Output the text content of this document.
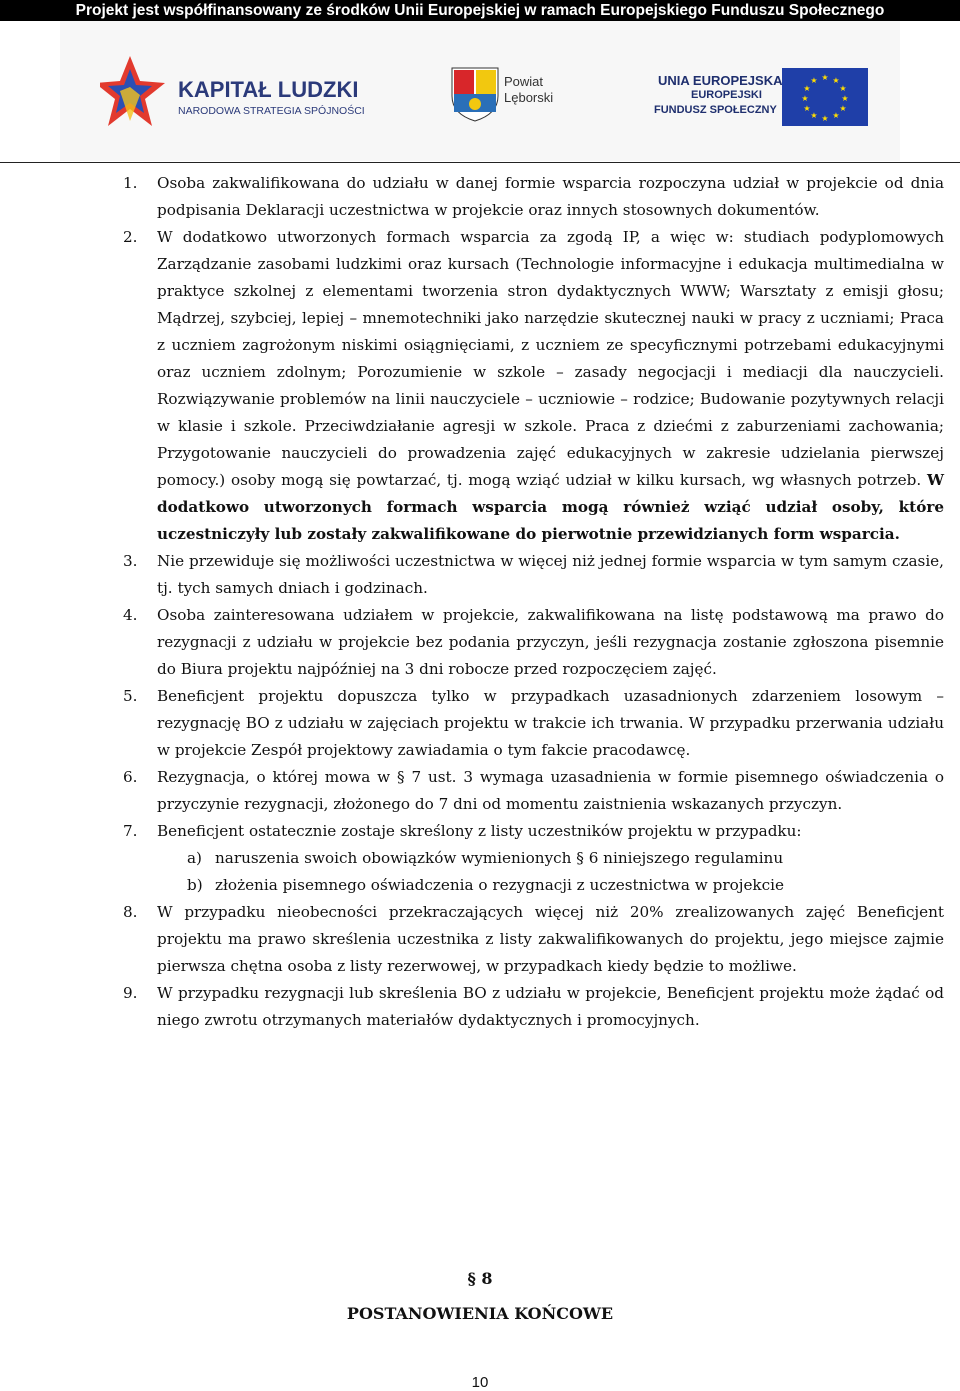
Projekt jest współfinansowany ze środków Unii Europejskiej w ramach Europejskiego Funduszu Społecznego
KAPITAŁ LUDZKI
NARODOWA STRATEGIA SPÓJNOŚCI
Powiat
Lęborski
UNIA EUROPEJSKA
EUROPEJSKI
FUNDUSZ SPOŁECZNY
★ ★
★
★
★
★
★
★
★
★
★
★
1. Osoba zakwalifikowana do udziału w danej formie wsparcia rozpoczyna udział w projekcie od dnia podpisania Deklaracji uczestnictwa w projekcie oraz innych stosownych dokumentów.
2. W dodatkowo utworzonych formach wsparcia za zgodą IP, a więc w: studiach podyplomowych Zarządzanie zasobami ludzkimi oraz kursach (Technologie informacyjne i edukacja multimedialna w praktyce szkolnej z elementami tworzenia stron dydaktycznych WWW; Warsztaty z emisji głosu; Mądrzej, szybciej, lepiej – mnemotechniki jako narzędzie skutecznej nauki w pracy z uczniami; Praca z uczniem zagrożonym niskimi osiągnięciami, z uczniem ze specyficznymi potrzebami edukacyjnymi oraz uczniem zdolnym; Porozumienie w szkole – zasady negocjacji i mediacji dla nauczycieli. Rozwiązywanie problemów na linii nauczyciele – uczniowie – rodzice; Budowanie pozytywnych relacji w klasie i szkole. Przeciwdziałanie agresji w szkole. Praca z dziećmi z zaburzeniami zachowania; Przygotowanie nauczycieli do prowadzenia zajęć edukacyjnych w zakresie udzielania pierwszej pomocy.) osoby mogą się powtarzać, tj. mogą wziąć udział w kilku kursach, wg własnych potrzeb. W dodatkowo utworzonych formach wsparcia mogą również wziąć udział osoby, które uczestniczyły lub zostały zakwalifikowane do pierwotnie przewidzianych form wsparcia.
3. Nie przewiduje się możliwości uczestnictwa w więcej niż jednej formie wsparcia w tym samym czasie, tj. tych samych dniach i godzinach.
4. Osoba zainteresowana udziałem w projekcie, zakwalifikowana na listę podstawową ma prawo do rezygnacji z udziału w projekcie bez podania przyczyn, jeśli rezygnacja zostanie zgłoszona pisemnie do Biura projektu najpóźniej na 3 dni robocze przed rozpoczęciem zajęć.
5. Beneficjent projektu dopuszcza tylko w przypadkach uzasadnionych zdarzeniem losowym – rezygnację BO z udziału w zajęciach projektu w trakcie ich trwania. W przypadku przerwania udziału w projekcie Zespół projektowy zawiadamia o tym fakcie pracodawcę.
6. Rezygnacja, o której mowa w § 7 ust. 3 wymaga uzasadnienia w formie pisemnego oświadczenia o przyczynie rezygnacji, złożonego do 7 dni od momentu zaistnienia wskazanych przyczyn.
7. Beneficjent ostatecznie zostaje skreślony z listy uczestników projektu w przypadku:
a) naruszenia swoich obowiązków wymienionych § 6 niniejszego regulaminu
b) złożenia pisemnego oświadczenia o rezygnacji z uczestnictwa w projekcie
8. W przypadku nieobecności przekraczających więcej niż 20% zrealizowanych zajęć Beneficjent projektu ma prawo skreślenia uczestnika z listy zakwalifikowanych do projektu, jego miejsce zajmie pierwsza chętna osoba z listy rezerwowej, w przypadkach kiedy będzie to możliwe.
9. W przypadku rezygnacji lub skreślenia BO z udziału w projekcie, Beneficjent projektu może żądać od niego zwrotu otrzymanych materiałów dydaktycznych i promocyjnych.
§ 8
POSTANOWIENIA KOŃCOWE
10
